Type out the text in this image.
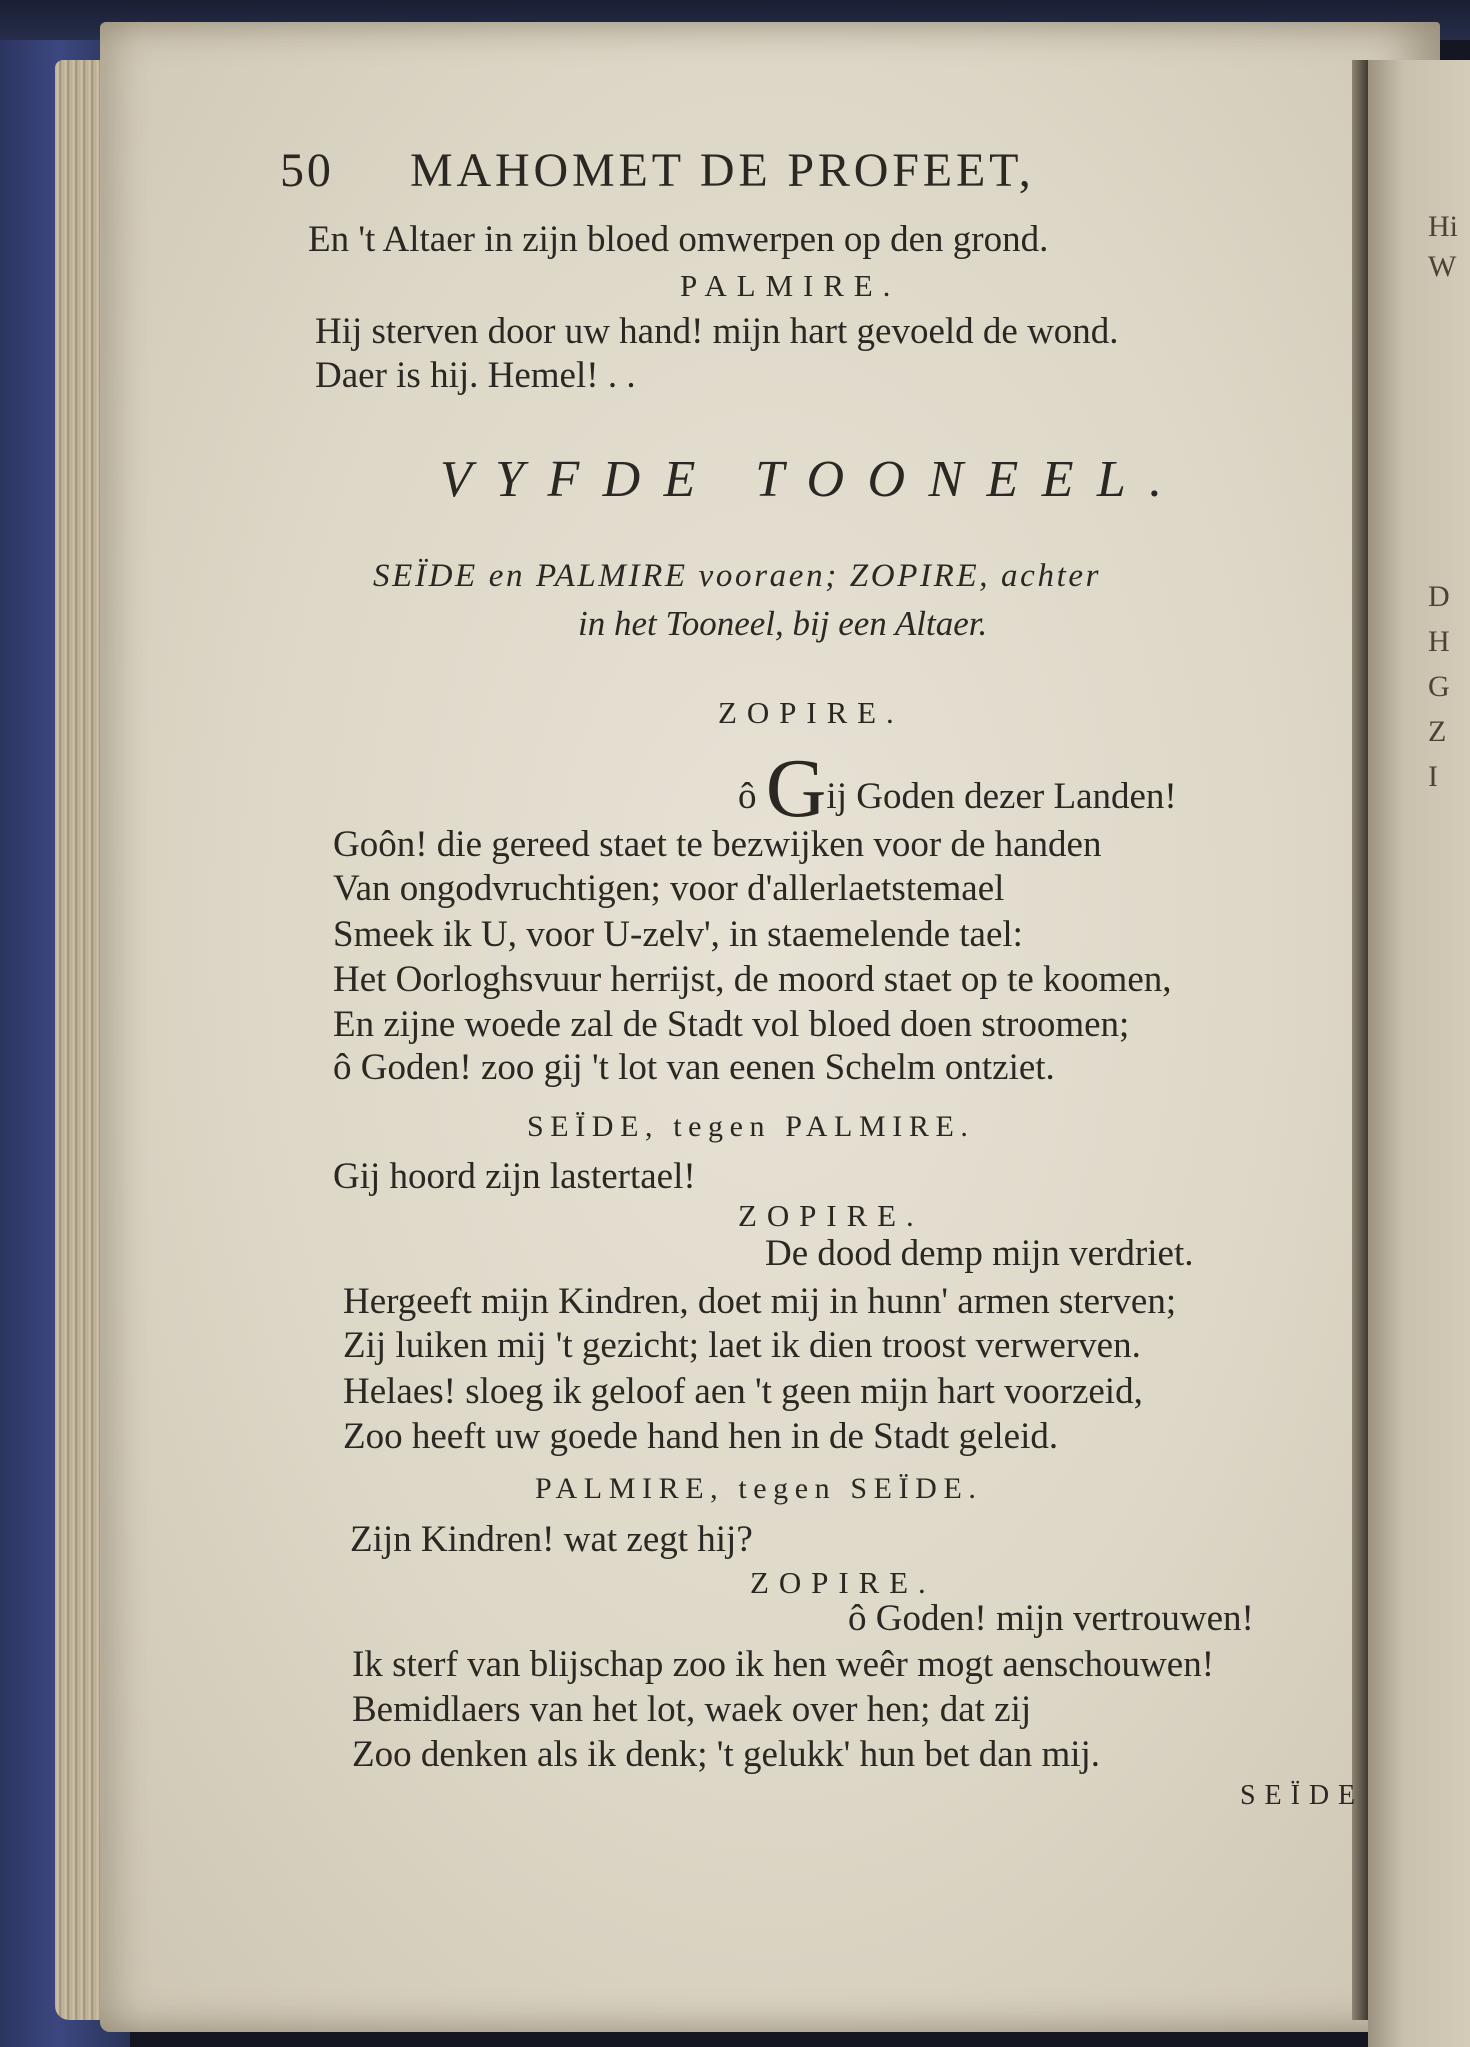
Hi
W
D
H
G
Z
I
50 MAHOMET DE PROFEET,
En 't Altaer in zijn bloed omwerpen op den grond.
PALMIRE.
Hij sterven door uw hand! mijn hart gevoeld de wond.
Daer is hij. Hemel! . .
VYFDE TOONEEL.
SEÏDE en PALMIRE vooraen; ZOPIRE, achter
in het Tooneel, bij een Altaer.
ZOPIRE.
ô Gij Goden dezer Landen!
Goôn! die gereed staet te bezwijken voor de handen
Van ongodvruchtigen; voor d'allerlaetstemael
Smeek ik U, voor U-zelv', in staemelende tael:
Het Oorloghsvuur herrijst, de moord staet op te koomen,
En zijne woede zal de Stadt vol bloed doen stroomen;
ô Goden! zoo gij 't lot van eenen Schelm ontziet.
SEÏDE, tegen PALMIRE.
Gij hoord zijn lastertael!
ZOPIRE.
De dood demp mijn verdriet.
Hergeeft mijn Kindren, doet mij in hunn' armen sterven;
Zij luiken mij 't gezicht; laet ik dien troost verwerven.
Helaes! sloeg ik geloof aen 't geen mijn hart voorzeid,
Zoo heeft uw goede hand hen in de Stadt geleid.
PALMIRE, tegen SEÏDE.
Zijn Kindren! wat zegt hij?
ZOPIRE.
ô Goden! mijn vertrouwen!
Ik sterf van blijschap zoo ik hen weêr mogt aenschouwen!
Bemidlaers van het lot, waek over hen; dat zij
Zoo denken als ik denk; 't gelukk' hun bet dan mij.
SEÏDE
